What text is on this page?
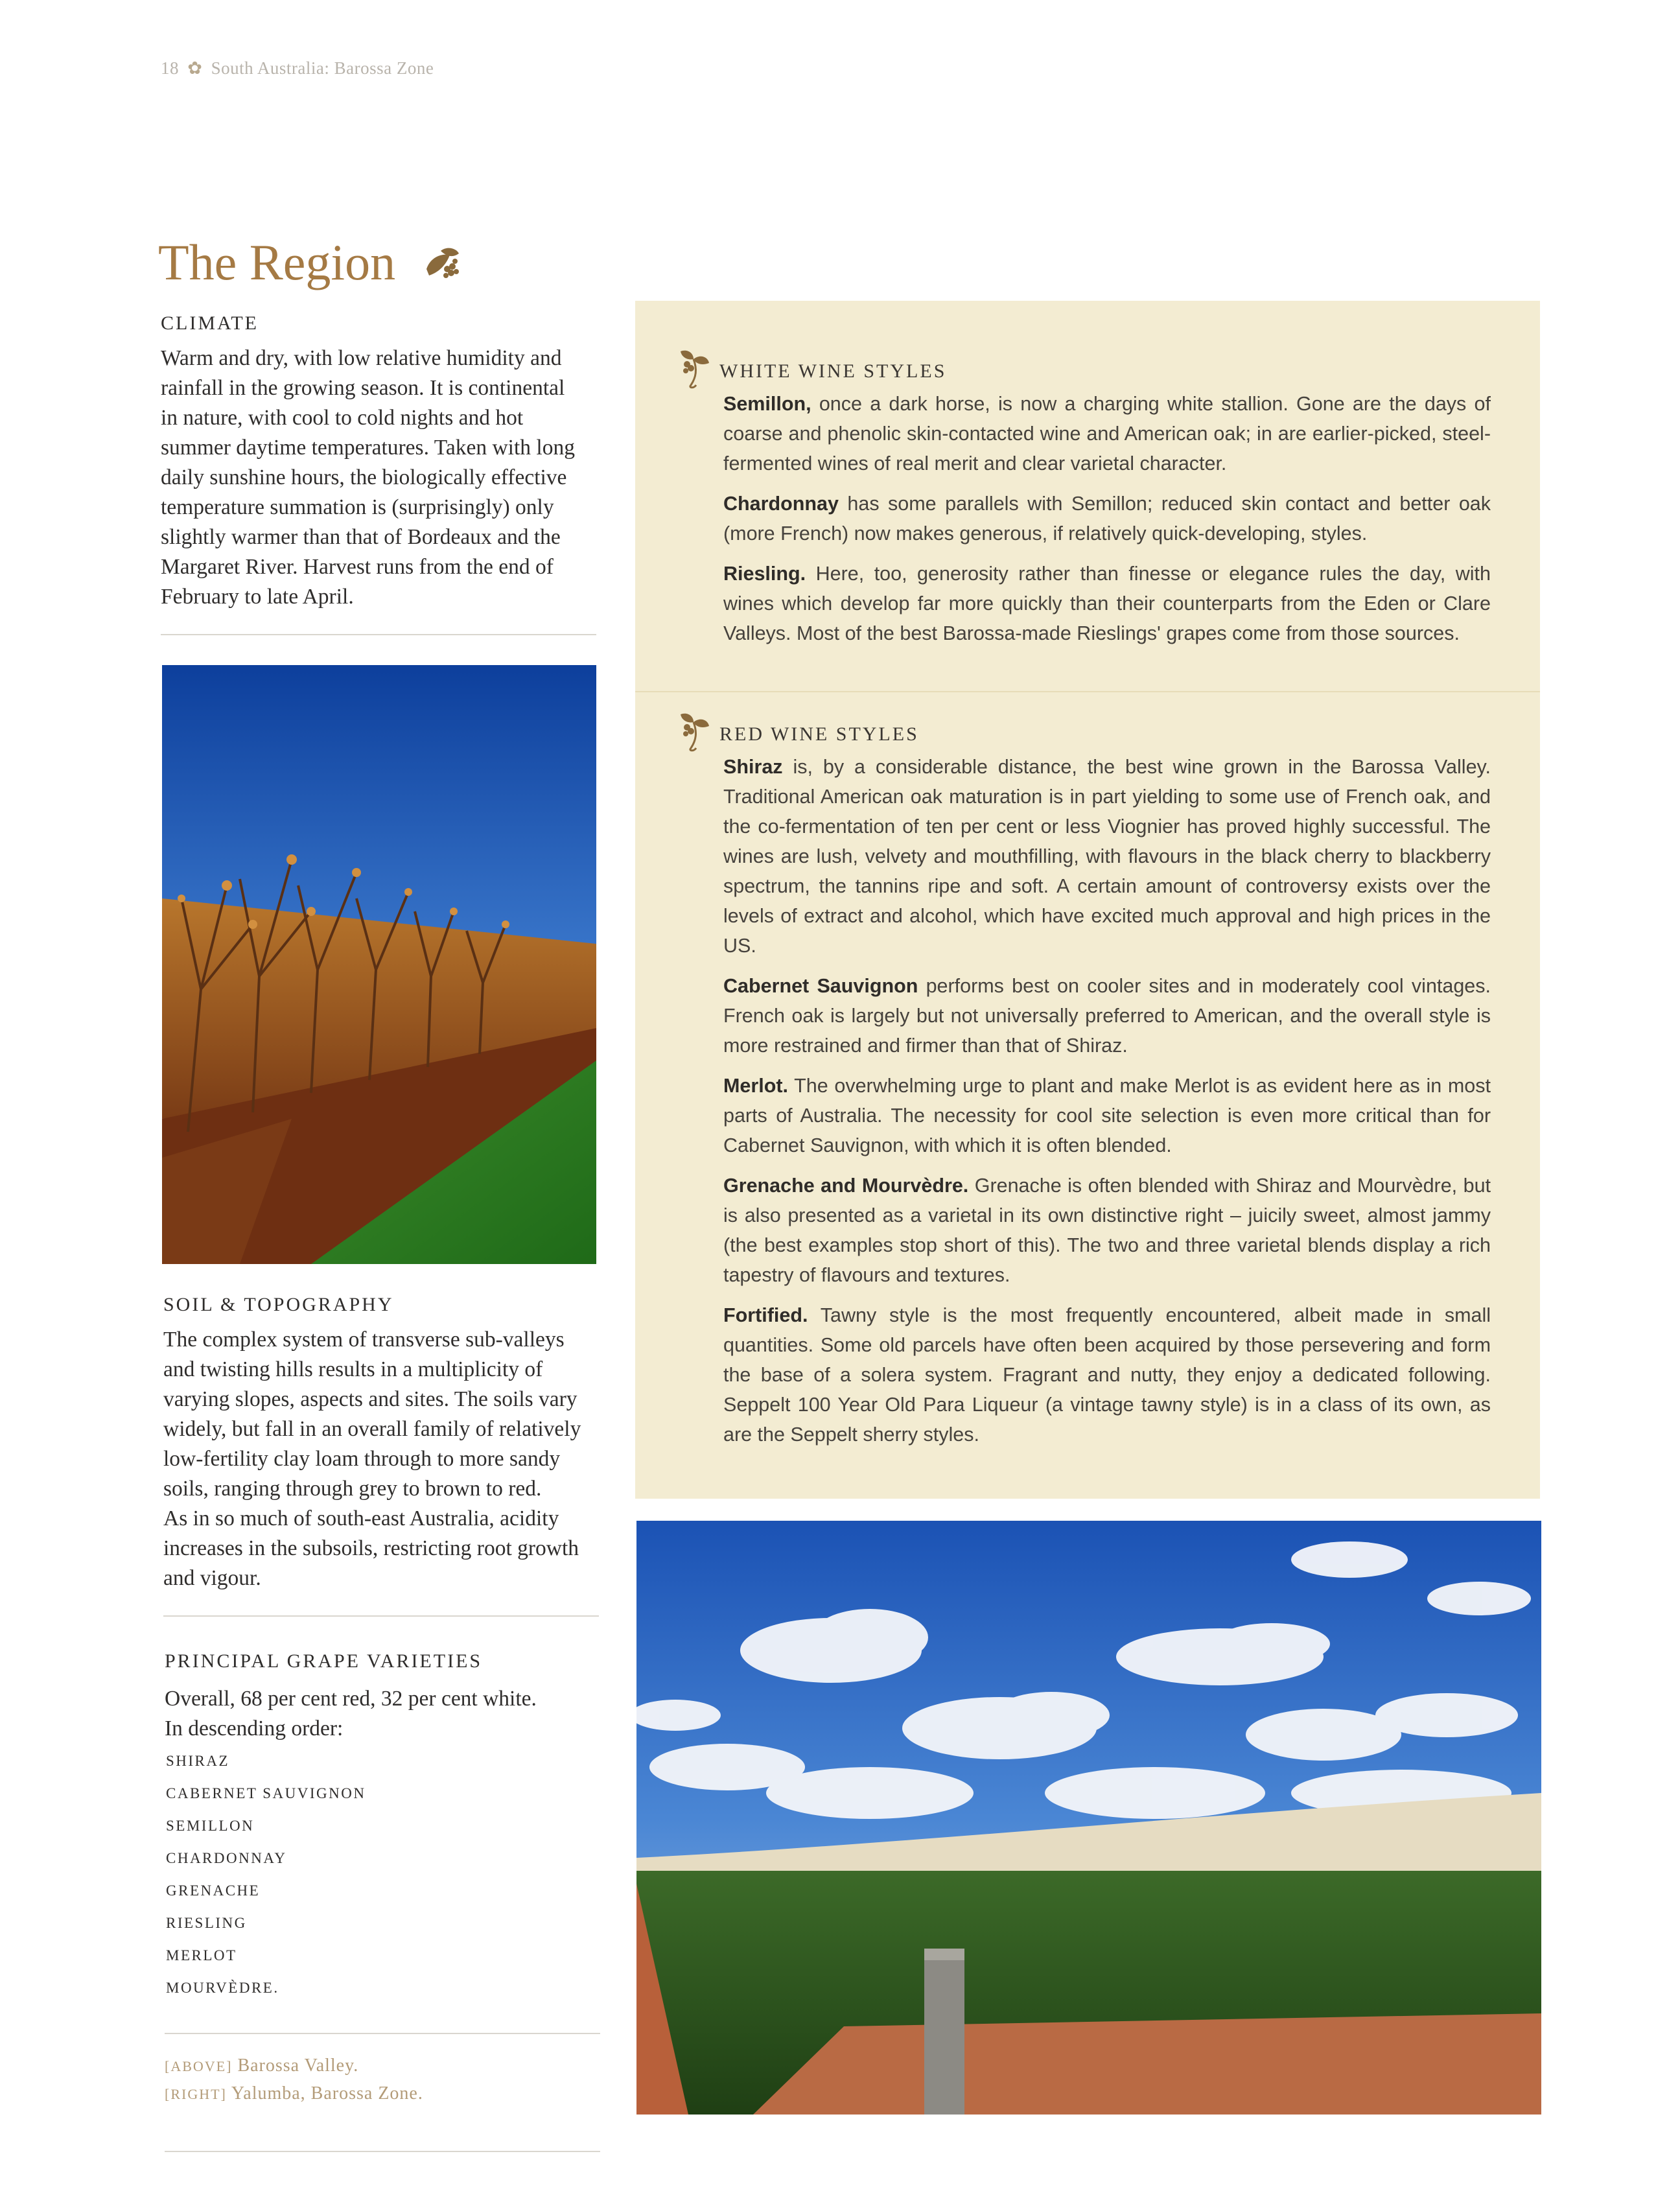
18 ✿ South Australia: Barossa Zone
The Region
CLIMATE
Warm and dry, with low relative humidity and
rainfall in the growing season. It is continental
in nature, with cool to cold nights and hot
summer daytime temperatures. Taken with long
daily sunshine hours, the biologically effective
temperature summation is (surprisingly) only
slightly warmer than that of Bordeaux and the
Margaret River. Harvest runs from the end of
February to late April.
SOIL & TOPOGRAPHY
The complex system of transverse sub-valleys
and twisting hills results in a multiplicity of
varying slopes, aspects and sites. The soils vary
widely, but fall in an overall family of relatively
low-fertility clay loam through to more sandy
soils, ranging through grey to brown to red.
As in so much of south-east Australia, acidity
increases in the subsoils, restricting root growth
and vigour.
PRINCIPAL GRAPE VARIETIES
Overall, 68 per cent red, 32 per cent white.
In descending order:
SHIRAZ
CABERNET SAUVIGNON
SEMILLON
CHARDONNAY
GRENACHE
RIESLING
MERLOT
MOURVÈDRE.
[ABOVE] Barossa Valley.
[RIGHT] Yalumba, Barossa Zone.
WHITE WINE STYLES

Semillon, once a dark horse, is now a charging white stallion. Gone are the days of coarse and phenolic skin-contacted wine and American oak; in are earlier-picked, steel-fermented wines of real merit and clear varietal character.

Chardonnay has some parallels with Semillon; reduced skin contact and better oak (more French) now makes generous, if relatively quick-developing, styles.

Riesling. Here, too, generosity rather than finesse or elegance rules the day, with wines which develop far more quickly than their counterparts from the Eden or Clare Valleys. Most of the best Barossa-made Rieslings' grapes come from those sources.

RED WINE STYLES

Shiraz is, by a considerable distance, the best wine grown in the Barossa Valley. Traditional American oak maturation is in part yielding to some use of French oak, and the co-fermentation of ten per cent or less Viognier has proved highly successful. The wines are lush, velvety and mouthfilling, with flavours in the black cherry to blackberry spectrum, the tannins ripe and soft. A certain amount of controversy exists over the levels of extract and alcohol, which have excited much approval and high prices in the US.

Cabernet Sauvignon performs best on cooler sites and in moderately cool vintages. French oak is largely but not universally preferred to American, and the overall style is more restrained and firmer than that of Shiraz.

Merlot. The overwhelming urge to plant and make Merlot is as evident here as in most parts of Australia. The necessity for cool site selection is even more critical than for Cabernet Sauvignon, with which it is often blended.

Grenache and Mourvèdre. Grenache is often blended with Shiraz and Mourvèdre, but is also presented as a varietal in its own distinctive right – juicily sweet, almost jammy (the best examples stop short of this). The two and three varietal blends display a rich tapestry of flavours and textures.

Fortified. Tawny style is the most frequently encountered, albeit made in small quantities. Some old parcels have often been acquired by those persevering and form the base of a solera system. Fragrant and nutty, they enjoy a dedicated following. Seppelt 100 Year Old Para Liqueur (a vintage tawny style) is in a class of its own, as are the Seppelt sherry styles.
